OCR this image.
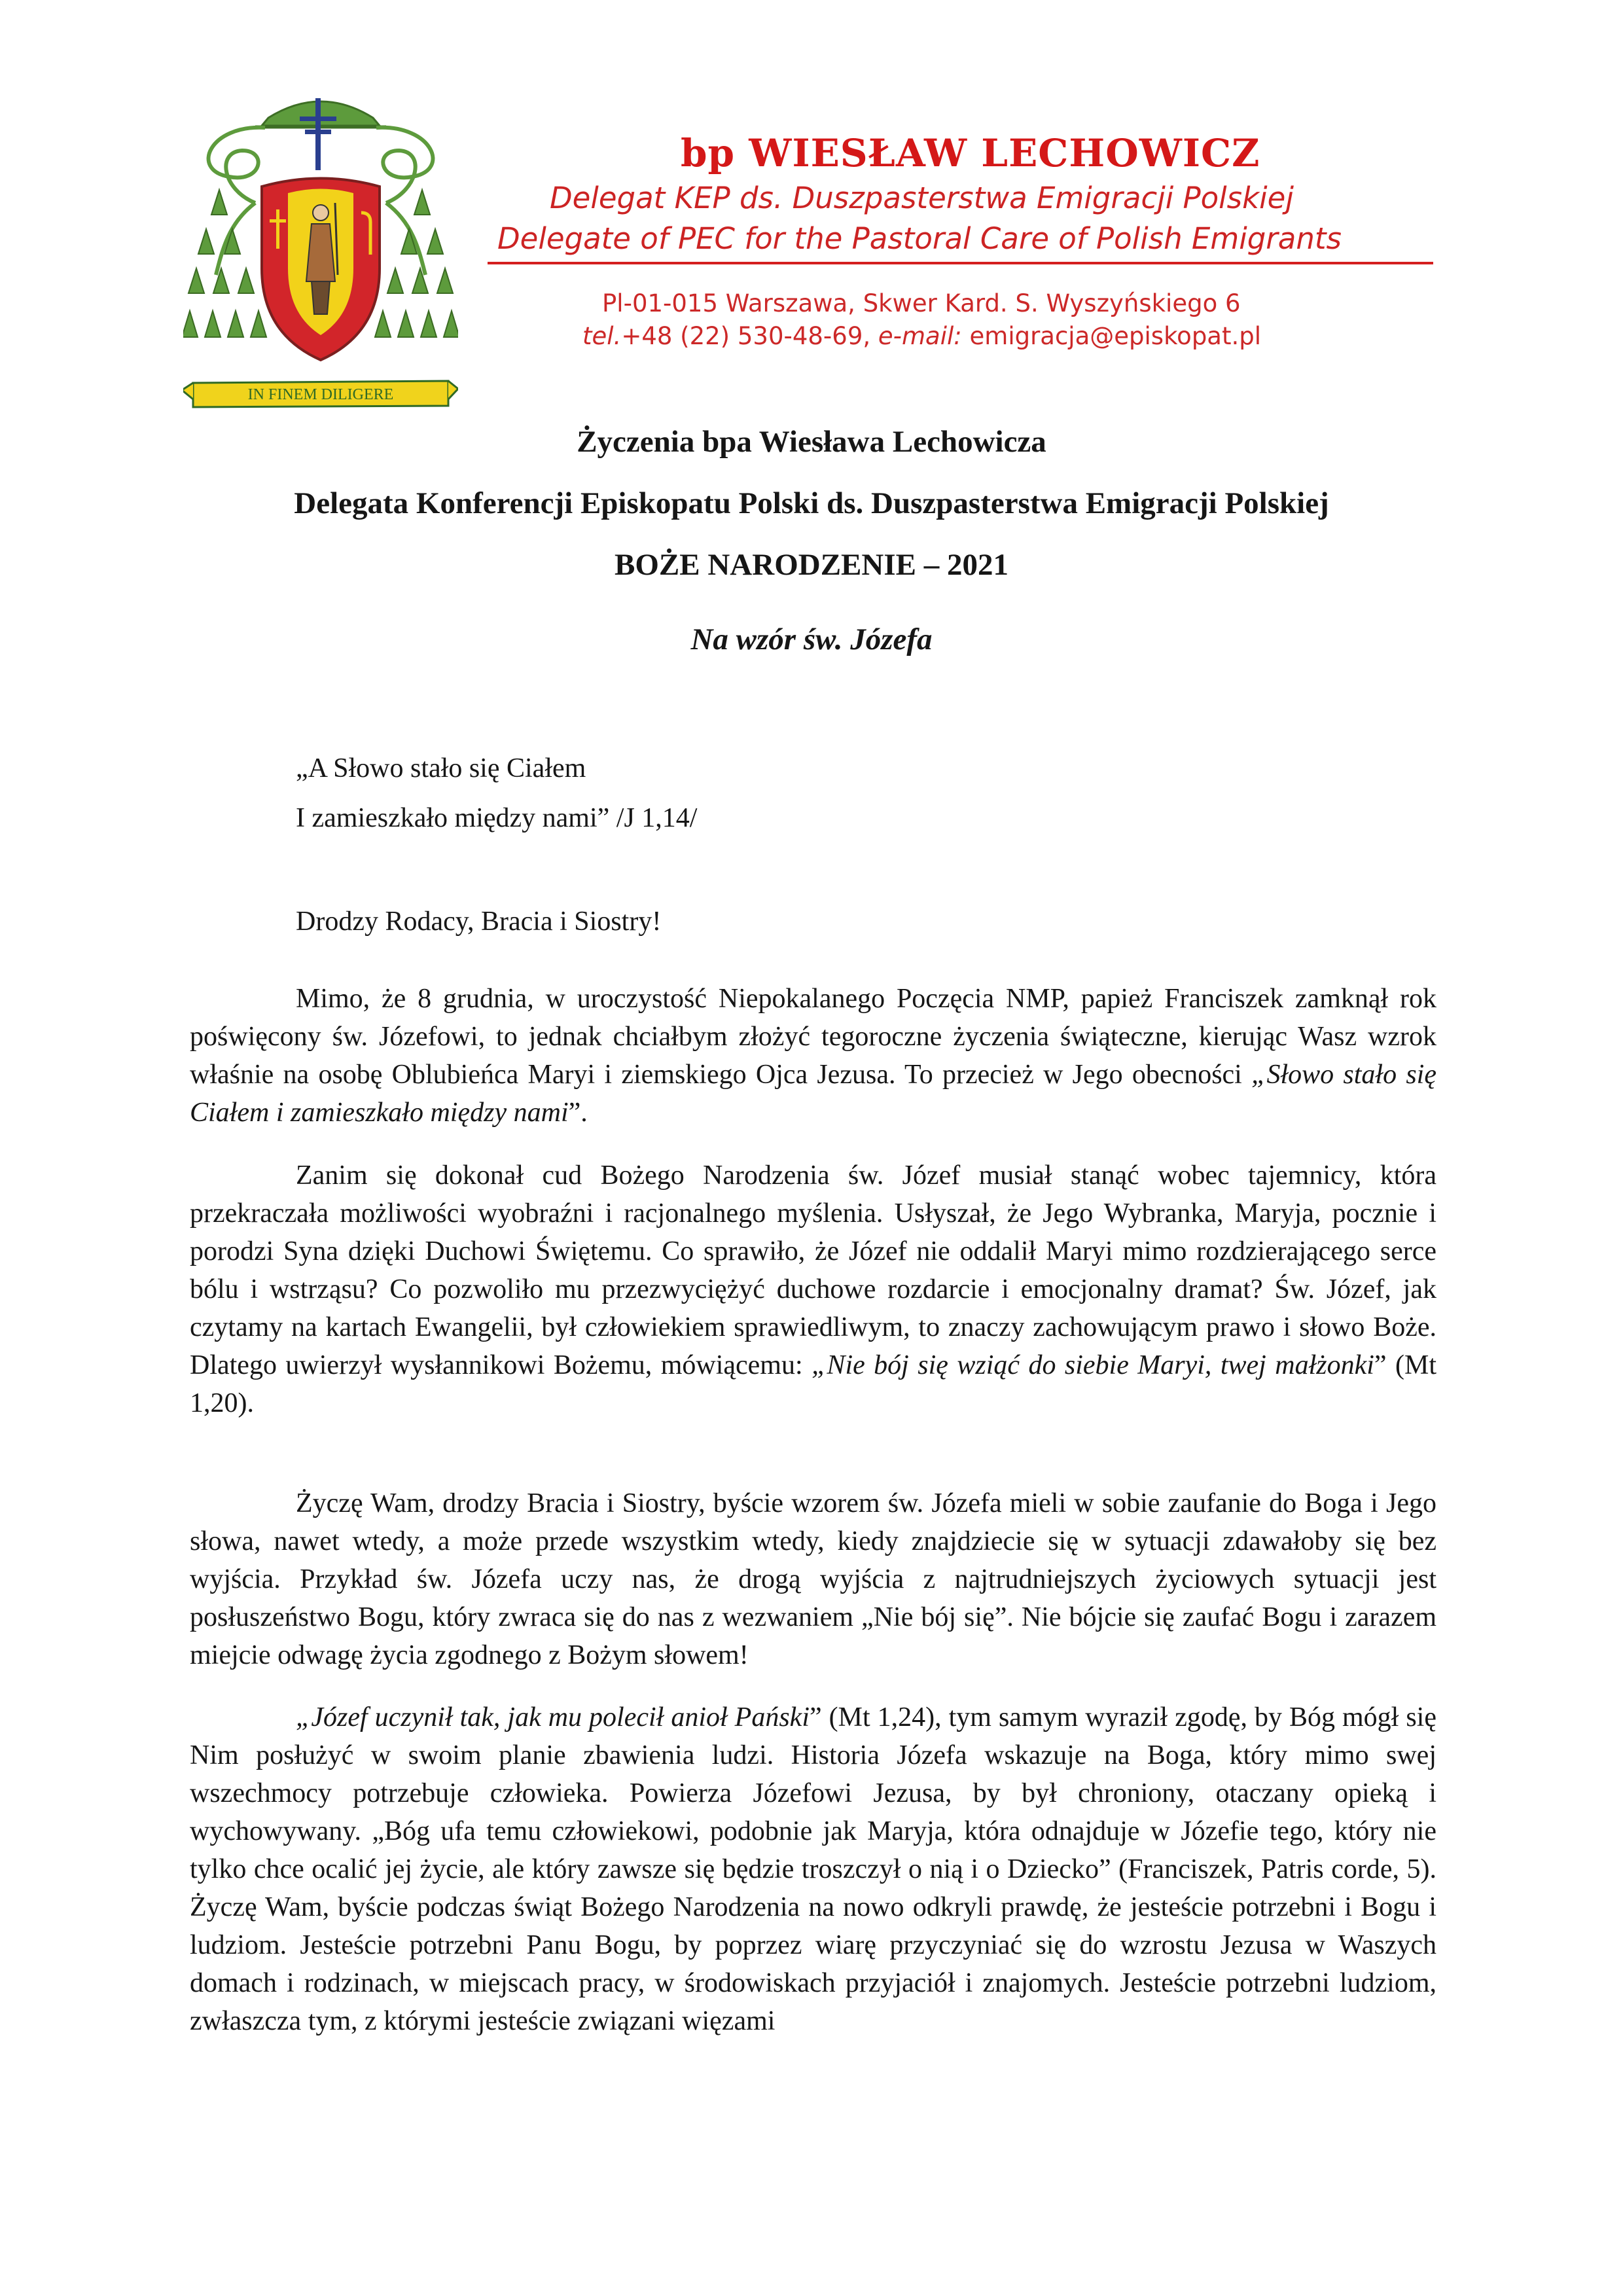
IN FINEM DILIGERE
bp WIESŁAW LECHOWICZ
Delegat KEP ds. Duszpasterstwa Emigracji Polskiej
Delegate of PEC for the Pastoral Care of Polish Emigrants
Pl-01-015 Warszawa, Skwer Kard. S. Wyszyńskiego 6
tel.+48 (22) 530-48-69, e-mail: emigracja@episkopat.pl
Życzenia bpa Wiesława Lechowicza
Delegata Konferencji Episkopatu Polski ds. Duszpasterstwa Emigracji Polskiej
BOŻE NARODZENIE – 2021
Na wzór św. Józefa
„A Słowo stało się Ciałem
I zamieszkało między nami” /J 1,14/
Drodzy Rodacy, Bracia i Siostry!

Mimo, że 8 grudnia, w uroczystość Niepokalanego Poczęcia NMP, papież Franciszek zamknął rok poświęcony św. Józefowi, to jednak chciałbym złożyć tegoroczne życzenia świąteczne, kierując Wasz wzrok właśnie na osobę Oblubieńca Maryi i ziemskiego Ojca Jezusa. To przecież w Jego obecności „Słowo stało się Ciałem i zamieszkało między nami”.

Zanim się dokonał cud Bożego Narodzenia św. Józef musiał stanąć wobec tajemnicy, która przekraczała możliwości wyobraźni i racjonalnego myślenia. Usłyszał, że Jego Wybranka, Maryja, pocznie i porodzi Syna dzięki Duchowi Świętemu. Co sprawiło, że Józef nie oddalił Maryi mimo rozdzierającego serce bólu i wstrząsu? Co pozwoliło mu przezwyciężyć duchowe rozdarcie i emocjonalny dramat? Św. Józef, jak czytamy na kartach Ewangelii, był człowiekiem sprawiedliwym, to znaczy zachowującym prawo i słowo Boże. Dlatego uwierzył wysłannikowi Bożemu, mówiącemu: „Nie bój się wziąć do siebie Maryi, twej małżonki” (Mt 1,20).

Życzę Wam, drodzy Bracia i Siostry, byście wzorem św. Józefa mieli w sobie zaufanie do Boga i Jego słowa, nawet wtedy, a może przede wszystkim wtedy, kiedy znajdziecie się w sytuacji zdawałoby się bez wyjścia. Przykład św. Józefa uczy nas, że drogą wyjścia z najtrudniejszych życiowych sytuacji jest posłuszeństwo Bogu, który zwraca się do nas z wezwaniem „Nie bój się”. Nie bójcie się zaufać Bogu i zarazem miejcie odwagę życia zgodnego z Bożym słowem!

„Józef uczynił tak, jak mu polecił anioł Pański” (Mt 1,24), tym samym wyraził zgodę, by Bóg mógł się Nim posłużyć w swoim planie zbawienia ludzi. Historia Józefa wskazuje na Boga, który mimo swej wszechmocy potrzebuje człowieka. Powierza Józefowi Jezusa, by był chroniony, otaczany opieką i wychowywany. „Bóg ufa temu człowiekowi, podobnie jak Maryja, która odnajduje w Józefie tego, który nie tylko chce ocalić jej życie, ale który zawsze się będzie troszczył o nią i o Dziecko” (Franciszek, Patris corde, 5). Życzę Wam, byście podczas świąt Bożego Narodzenia na nowo odkryli prawdę, że jesteście potrzebni i Bogu i ludziom. Jesteście potrzebni Panu Bogu, by poprzez wiarę przyczyniać się do wzrostu Jezusa w Waszych domach i rodzinach, w miejscach pracy, w środowiskach przyjaciół i znajomych. Jesteście potrzebni ludziom, zwłaszcza tym, z którymi jesteście związani więzami
